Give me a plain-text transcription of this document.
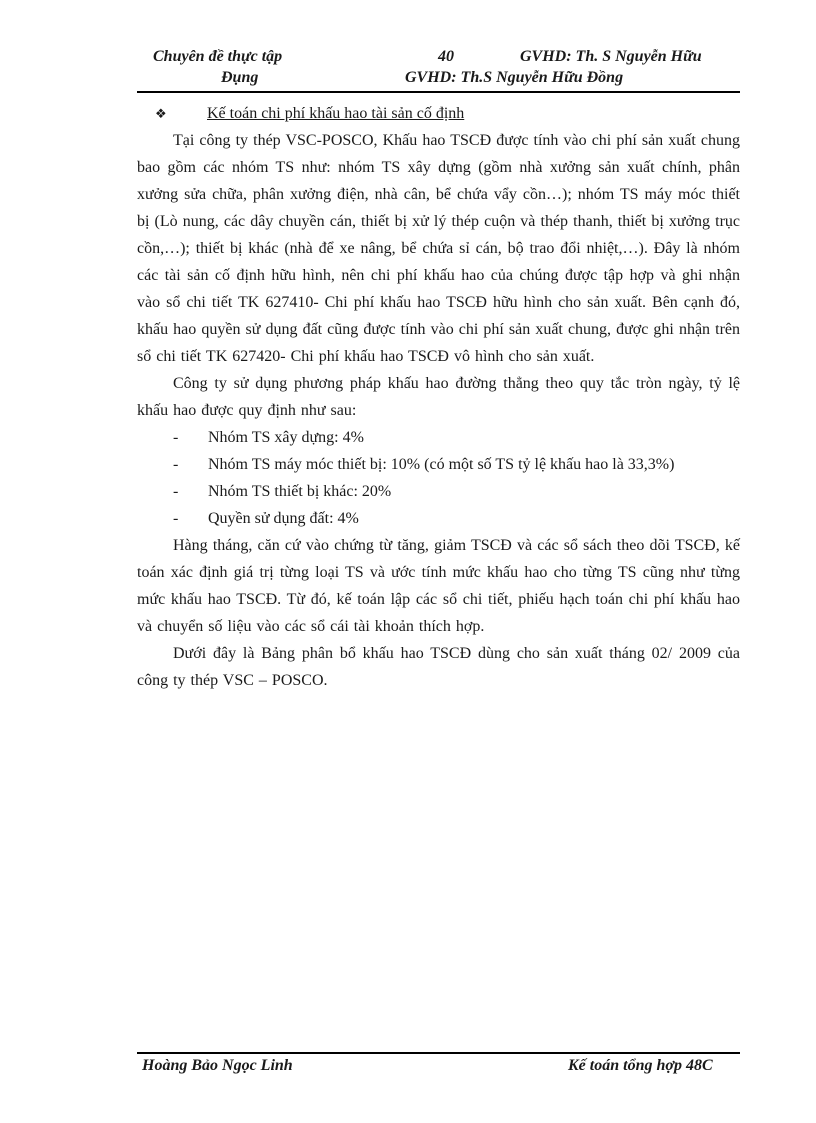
Chuyên đề thực tập	40	GVHD: Th. S Nguyễn Hữu
Đụng	GVHD: Th.S Nguyễn Hữu Đồng
❖	Kế toán chi phí khấu hao tài sản cố định

Tại công ty thép VSC-POSCO, Khấu hao TSCĐ được tính vào chi phí sản xuất chung bao gồm các nhóm TS như: nhóm TS xây dựng (gồm nhà xưởng sản xuất chính, phân xưởng sửa chữa, phân xưởng điện, nhà cân, bể chứa vẩy cồn…); nhóm TS máy móc thiết bị (Lò nung, các dây chuyền cán, thiết bị xử lý thép cuộn và thép thanh, thiết bị xưởng trục cồn,…); thiết bị khác (nhà để xe nâng, bể chứa sỉ cán, bộ trao đổi nhiệt,…). Đây là nhóm các tài sản cố định hữu hình, nên chi phí khấu hao của chúng được tập hợp và ghi nhận vào sổ chi tiết TK 627410- Chi phí khấu hao TSCĐ hữu hình cho sản xuất. Bên cạnh đó, khấu hao quyền sử dụng đất cũng được tính vào chi phí sản xuất chung, được ghi nhận trên sổ chi tiết TK 627420- Chi phí khấu hao TSCĐ vô hình cho sản xuất.

Công ty sử dụng phương pháp khấu hao đường thẳng theo quy tắc tròn ngày, tỷ lệ khấu hao được quy định như sau:

- Nhóm TS xây dựng: 4%
- Nhóm TS máy móc thiết bị: 10% (có một số TS tỷ lệ khấu hao là 33,3%)
- Nhóm TS thiết bị khác: 20%
- Quyền sử dụng đất: 4%

Hàng tháng, căn cứ vào chứng từ tăng, giảm TSCĐ và các sổ sách theo dõi TSCĐ, kế toán xác định giá trị từng loại TS và ước tính mức khấu hao cho từng TS cũng như từng mức khấu hao TSCĐ. Từ đó, kế toán lập các sổ chi tiết, phiếu hạch toán chi phí khấu hao và chuyển số liệu vào các sổ cái tài khoản thích hợp.

Dưới đây là Bảng phân bổ khấu hao TSCĐ dùng cho sản xuất tháng 02/ 2009 của công ty thép VSC – POSCO.

Hoàng Bảo Ngọc Linh	Kế toán tổng hợp 48C
